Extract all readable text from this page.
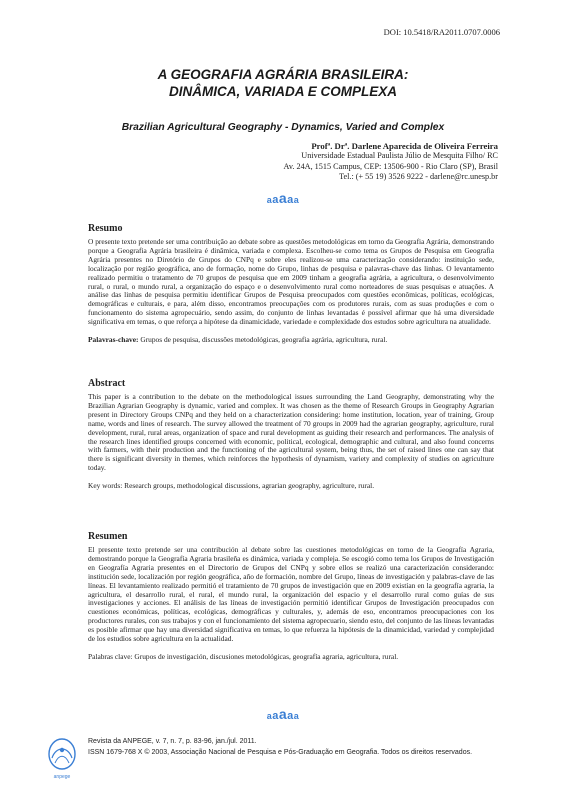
DOI: 10.5418/RA2011.0707.0006
A GEOGRAFIA AGRÁRIA BRASILEIRA:
DINÂMICA, VARIADA E COMPLEXA
Brazilian Agricultural Geography - Dynamics, Varied and Complex
Profª. Drª. Darlene Aparecida de Oliveira Ferreira
Universidade Estadual Paulista Júlio de Mesquita Filho/ RC
Av. 24A, 1515 Campus, CEP: 13506-900 - Rio Claro (SP), Brasil
Tel.: (+ 55 19) 3526 9222 - darlene@rc.unesp.br
aaaaa
Resumo
O presente texto pretende ser uma contribuição ao debate sobre as questões metodológicas em torno da Geografia Agrária, demonstrando porque a Geografia Agrária brasileira é dinâmica, variada e complexa. Escolheu-se como tema os Grupos de Pesquisa em Geografia Agrária presentes no Diretório de Grupos do CNPq e sobre eles realizou-se uma caracterização considerando: instituição sede, localização por região geográfica, ano de formação, nome do Grupo, linhas de pesquisa e palavras-chave das linhas. O levantamento realizado permitiu o tratamento de 70 grupos de pesquisa que em 2009 tinham a geografia agrária, a agricultura, o desenvolvimento rural, o rural, o mundo rural, a organização do espaço e o desenvolvimento rural como norteadores de suas pesquisas e atuações. A análise das linhas de pesquisa permitiu identificar Grupos de Pesquisa preocupados com questões econômicas, políticas, ecológicas, demográficas e culturais, e para, além disso, encontramos preocupações com os produtores rurais, com as suas produções e com o funcionamento do sistema agropecuário, sendo assim, do conjunto de linhas levantadas é possível afirmar que há uma diversidade significativa em temas, o que reforça a hipótese da dinamicidade, variedade e complexidade dos estudos sobre agricultura na atualidade.
Palavras-chave: Grupos de pesquisa, discussões metodológicas, geografia agrária, agricultura, rural.
Abstract
This paper is a contribution to the debate on the methodological issues surrounding the Land Geography, demonstrating why the Brazilian Agrarian Geography is dynamic, varied and complex. It was chosen as the theme of Research Groups in Geography Agrarian present in Directory Groups CNPq and they held on a characterization considering: home institution, location, year of training, Group name, words and lines of research. The survey allowed the treatment of 70 groups in 2009 had the agrarian geography, agriculture, rural development, rural, rural areas, organization of space and rural development as guiding their research and performances. The analysis of the research lines identified groups concerned with economic, political, ecological, demographic and cultural, and also found concerns with farmers, with their production and the functioning of the agricultural system, being thus, the set of raised lines one can say that there is significant diversity in themes, which reinforces the hypothesis of dynamism, variety and complexity of studies on agriculture today.
Key words: Research groups, methodological discussions, agrarian geography, agriculture, rural.
Resumen
El presente texto pretende ser una contribución al debate sobre las cuestiones metodológicas en torno de la Geografía Agraria, demostrando porque la Geografía Agraria brasileña es dinámica, variada y compleja. Se escogió como tema los Grupos de Investigación en Geografía Agraria presentes en el Directorio de Grupos del CNPq y sobre ellos se realizó una caracterización considerando: institución sede, localización por región geográfica, año de formación, nombre del Grupo, líneas de investigación y palabras-clave de las líneas. El levantamiento realizado permitió el tratamiento de 70 grupos de investigación que en 2009 existían en la geografía agraria, la agricultura, el desarrollo rural, el rural, el mundo rural, la organización del espacio y el desarrollo rural como guías de sus investigaciones y acciones. El análisis de las líneas de investigación permitió identificar Grupos de Investigación preocupados con cuestiones económicas, políticas, ecológicas, demográficas y culturales, y, además de eso, encontramos preocupaciones con los productores rurales, con sus trabajos y con el funcionamiento del sistema agropecuario, siendo esto, del conjunto de las líneas levantadas es posible afirmar que hay una diversidad significativa en temas, lo que refuerza la hipótesis de la dinamicidad, variedad y complejidad de los estudios sobre agricultura en la actualidad.
Palabras clave: Grupos de investigación, discusiones metodológicas, geografía agraria, agricultura, rural.
aaaaa
anpege
Revista da ANPEGE, v. 7, n. 7, p. 83-96, jan./jul. 2011.
ISSN 1679-768 X © 2003, Associação Nacional de Pesquisa e Pós-Graduação em Geografia. Todos os direitos reservados.
